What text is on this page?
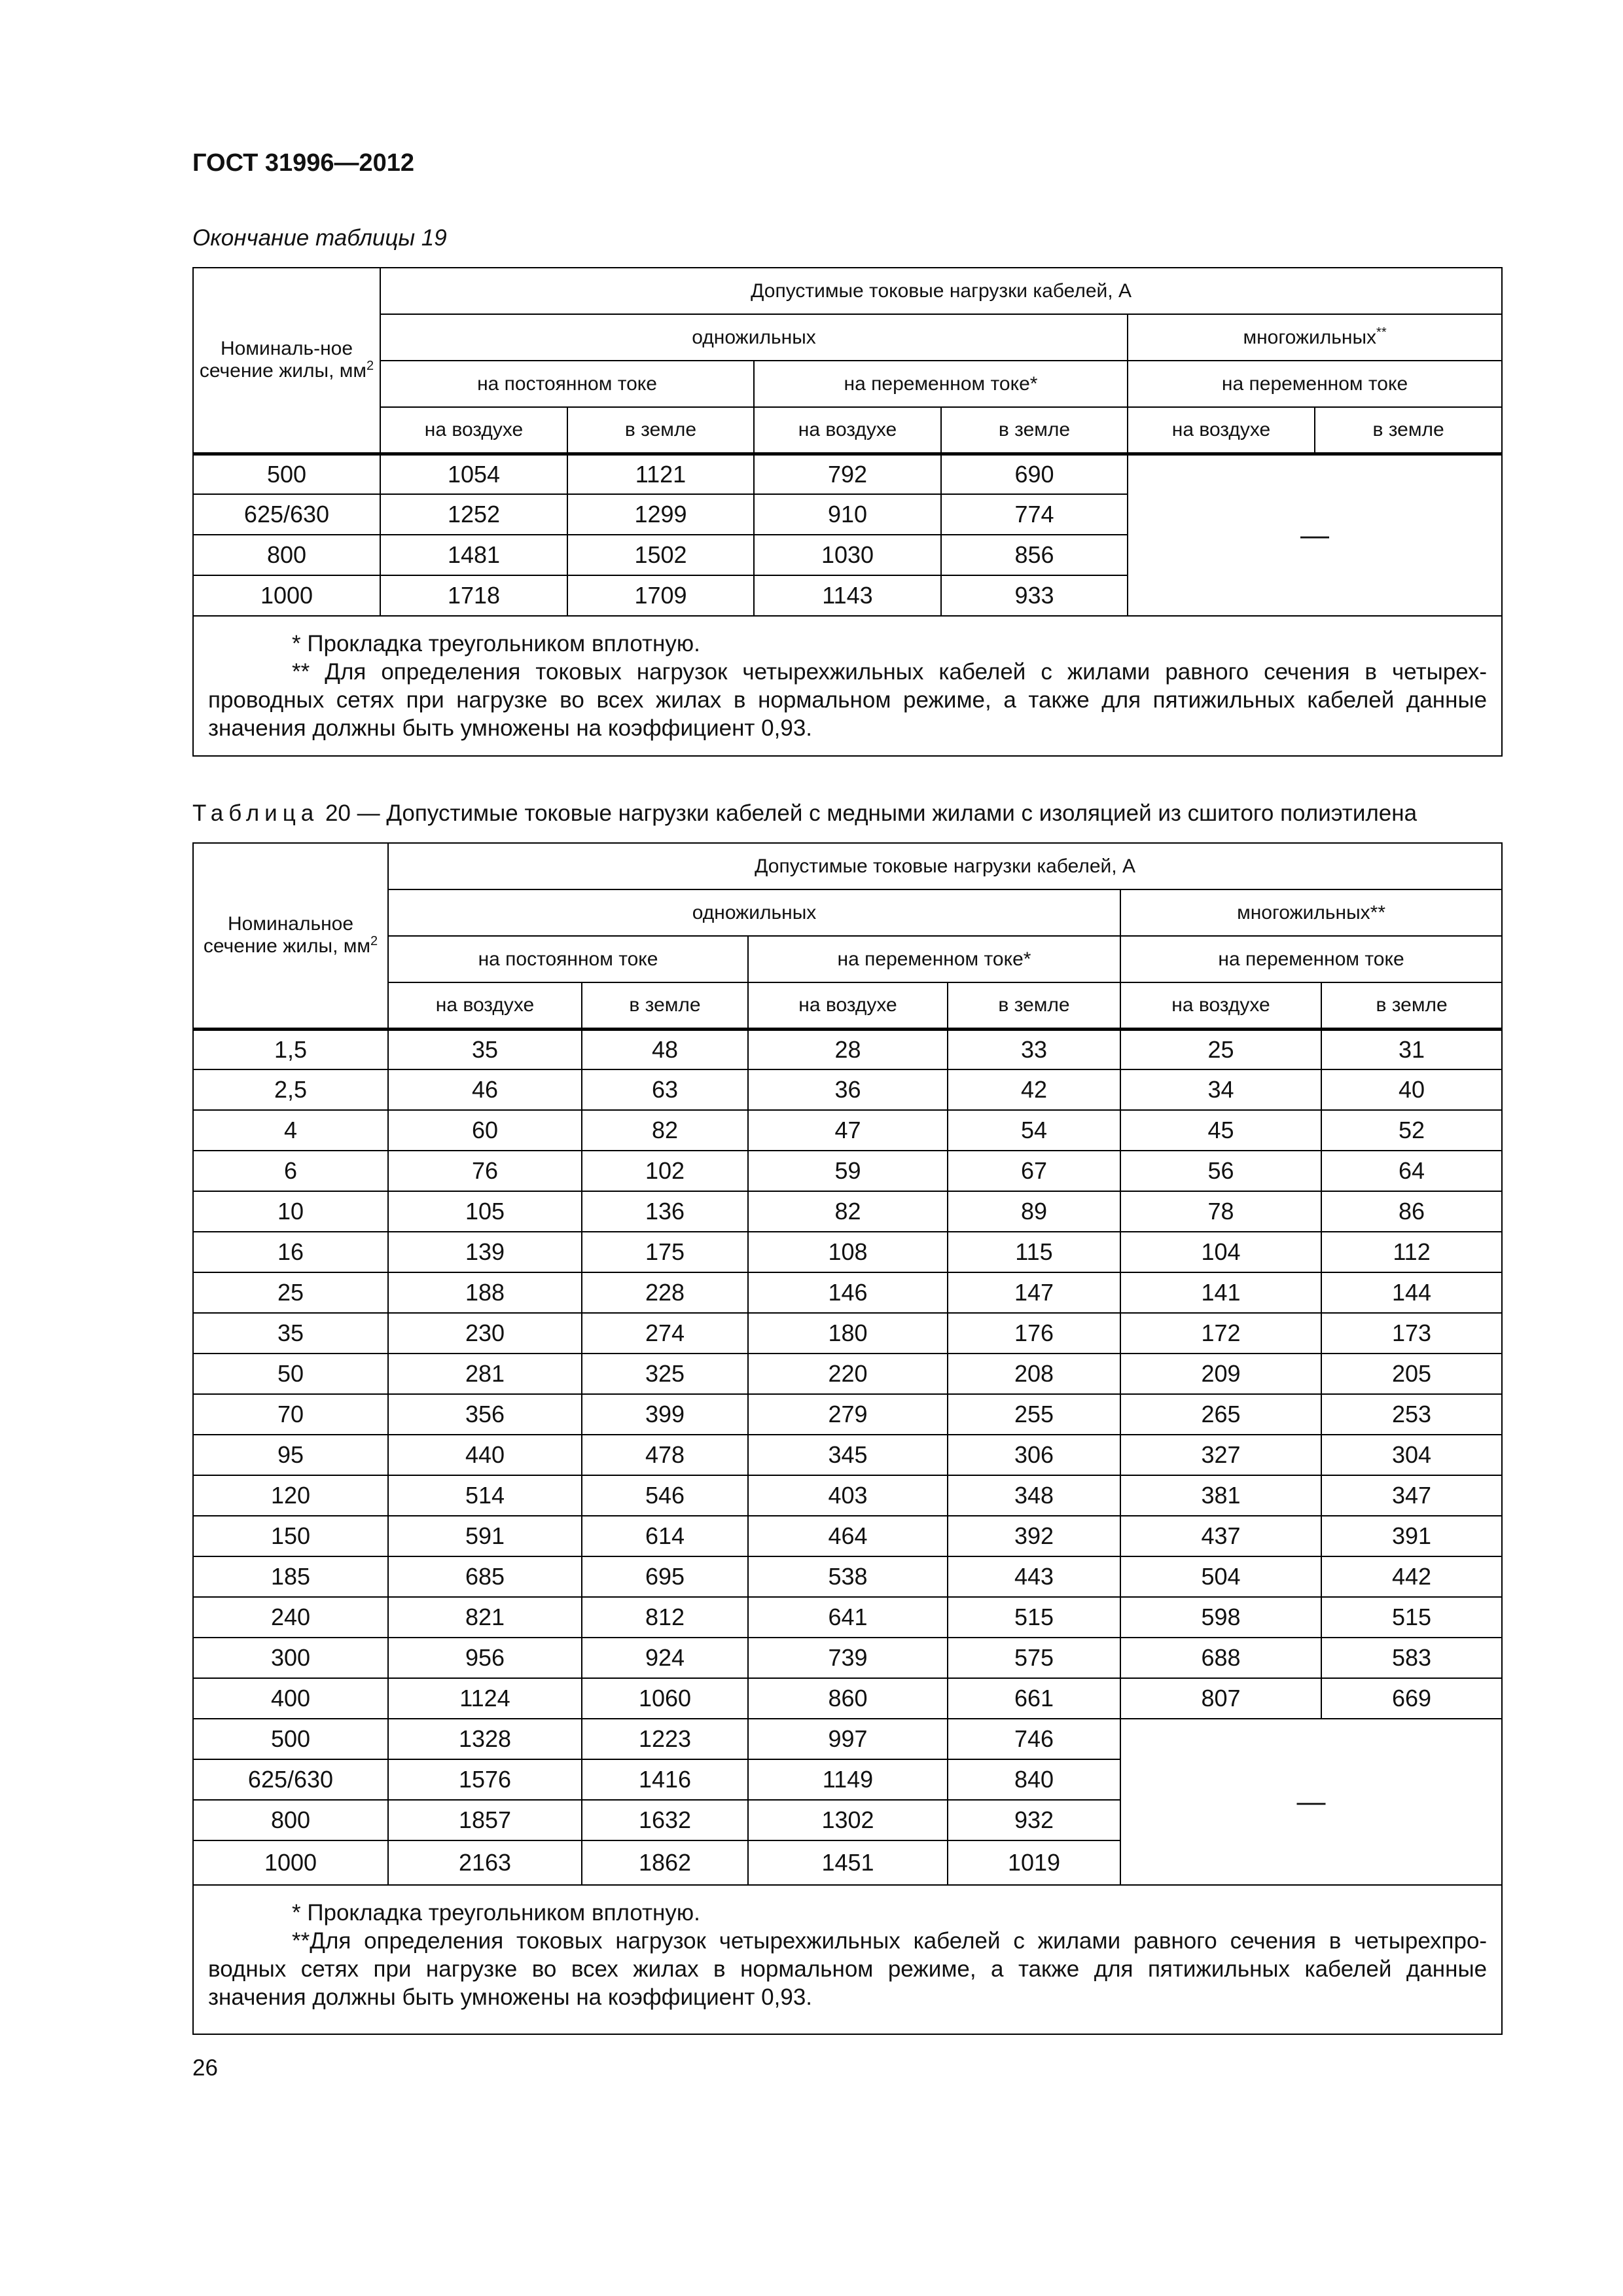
ГОСТ 31996—2012
Окончание таблицы 19
Номиналь-ное сечение жилы, $мм^2$	Допустимые токовые нагрузки кабелей, А					
	одножильных				многожильных**
	на постоянном токе		на переменном токе*		на переменном токе	
	на воздухе	в земле	на воздухе	в земле	на воздухе	в земле
500	1054	1121	792	690	—	
625/630	1252	1299	910	774		
800	1481	1502	1030	856		
1000	1718	1709	1143	933		

* Прокладка треугольником вплотную.
** Для определения токовых нагрузок четырехжильных кабелей с жилами равного сечения в четырех-
проводных сетях при нагрузке во всех жилах в нормальном режиме, а также для пятижильных кабелей данные
значения должны быть умножены на коэффициент 0,93.						
Таблица 20 — Допустимые токовые нагрузки кабелей с медными жилами с изоляцией из сшитого полиэтилена
Номинальное сечение жилы, $мм^2$	Допустимые токовые нагрузки кабелей, А					
	одножильных				многожильных**	
	на постоянном токе		на переменном токе*		на переменном токе	
	на воздухе	в земле	на воздухе	в земле	на воздухе	в земле
1,5	35	48	28	33	25	31
2,5	46	63	36	42	34	40
4	60	82	47	54	45	52
6	76	102	59	67	56	64
10	105	136	82	89	78	86
16	139	175	108	115	104	112
25	188	228	146	147	141	144
35	230	274	180	176	172	173
50	281	325	220	208	209	205
70	356	399	279	255	265	253
95	440	478	345	306	327	304
120	514	546	403	348	381	347
150	591	614	464	392	437	391
185	685	695	538	443	504	442
240	821	812	641	515	598	515
300	956	924	739	575	688	583
400	1124	1060	860	661	807	669
500	1328	1223	997	746	—	
625/630	1576	1416	1149	840		
800	1857	1632	1302	932		
1000	2163	1862	1451	1019		

* Прокладка треугольником вплотную.
**Для определения токовых нагрузок четырехжильных кабелей с жилами равного сечения в четырехпро-
водных сетях при нагрузке во всех жилах в нормальном режиме, а также для пятижильных кабелей данные
значения должны быть умножены на коэффициент 0,93.						
26
